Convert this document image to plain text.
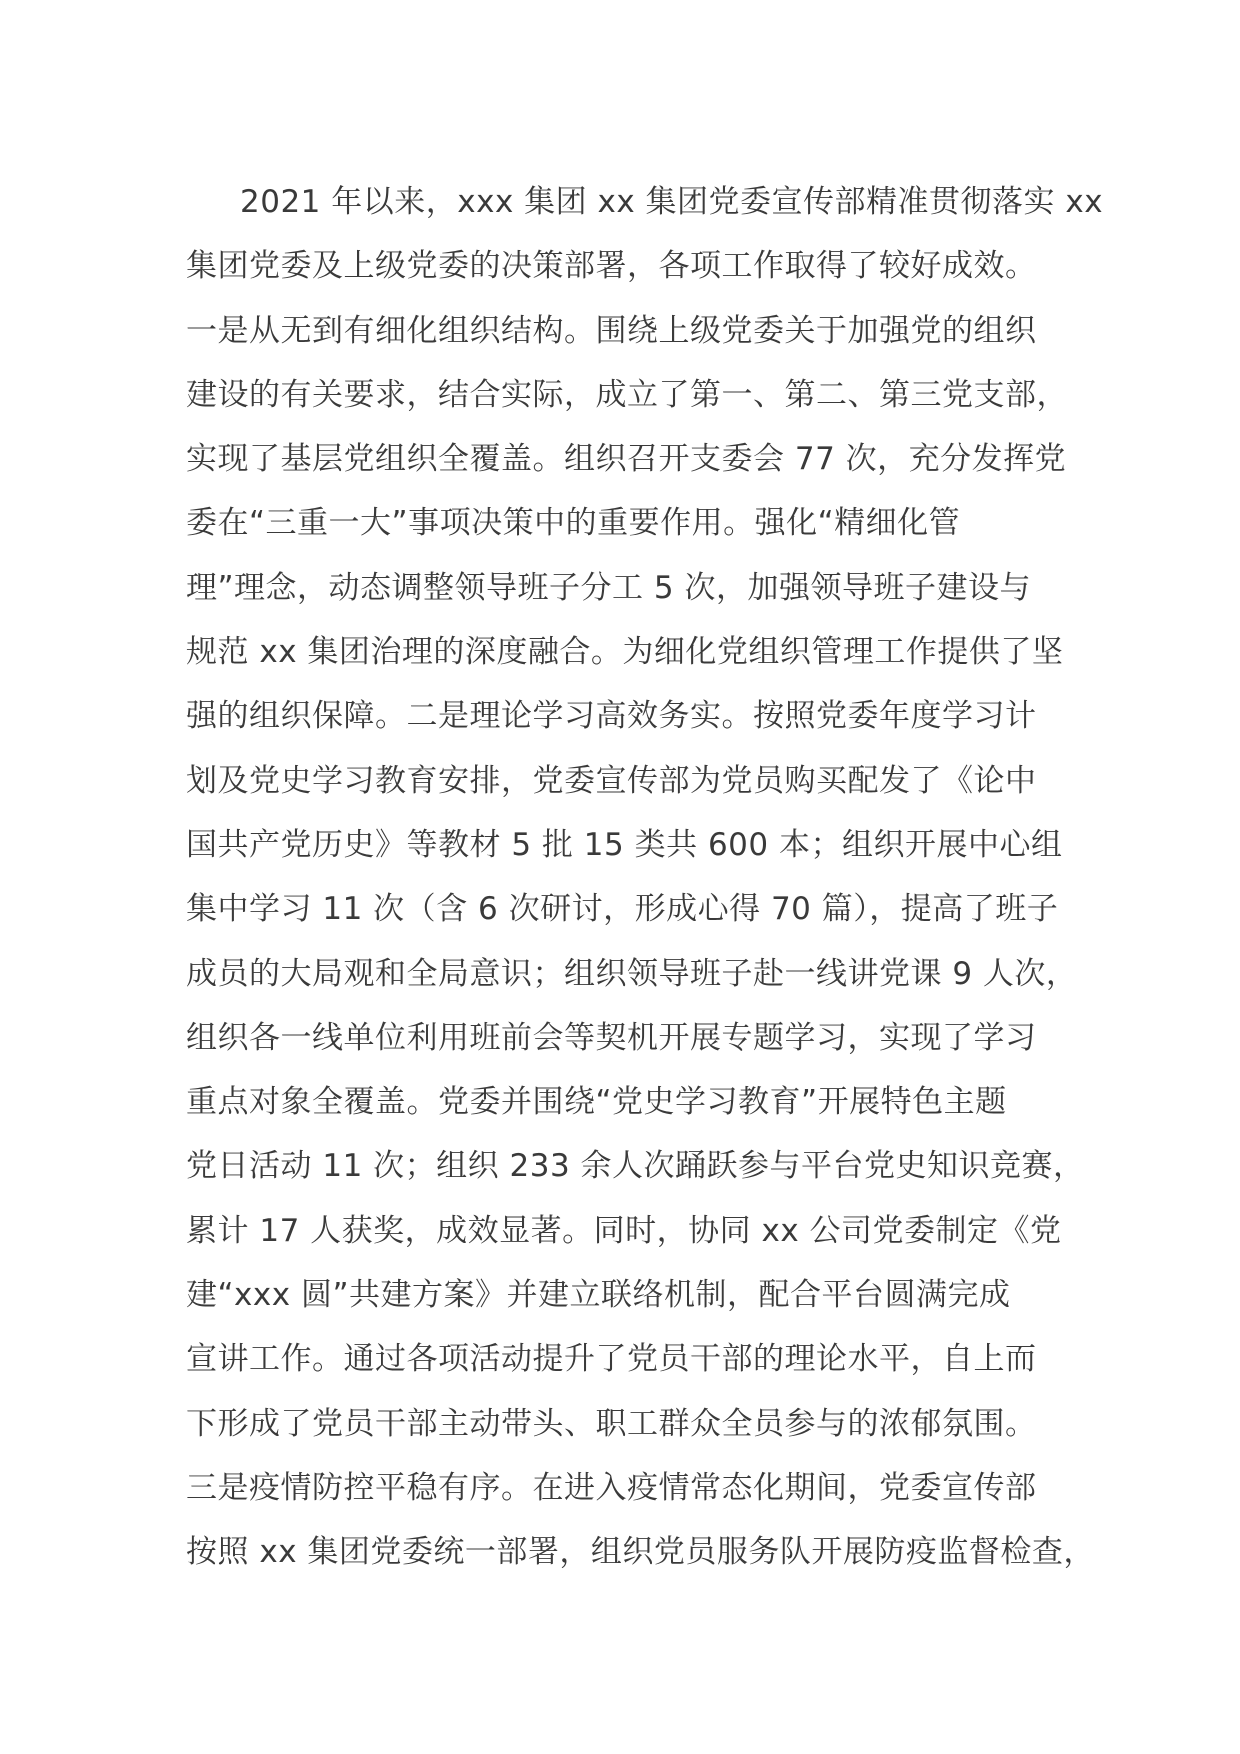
2021 年以来，xxx 集团 xx 集团党委宣传部精准贯彻落实 xx
集团党委及上级党委的决策部署，各项工作取得了较好成效。
一是从无到有细化组织结构。围绕上级党委关于加强党的组织
建设的有关要求，结合实际，成立了第一、第二、第三党支部，
实现了基层党组织全覆盖。组织召开支委会 77 次，充分发挥党
委在“三重一大”事项决策中的重要作用。强化“精细化管
理”理念，动态调整领导班子分工 5 次，加强领导班子建设与
规范 xx 集团治理的深度融合。为细化党组织管理工作提供了坚
强的组织保障。二是理论学习高效务实。按照党委年度学习计
划及党史学习教育安排，党委宣传部为党员购买配发了《论中
国共产党历史》等教材 5 批 15 类共 600 本；组织开展中心组
集中学习 11 次（含 6 次研讨，形成心得 70 篇），提高了班子
成员的大局观和全局意识；组织领导班子赴一线讲党课 9 人次，
组织各一线单位利用班前会等契机开展专题学习，实现了学习
重点对象全覆盖。党委并围绕“党史学习教育”开展特色主题
党日活动 11 次；组织 233 余人次踊跃参与平台党史知识竞赛，
累计 17 人获奖，成效显著。同时，协同 xx 公司党委制定《党
建“xxx 圆”共建方案》并建立联络机制，配合平台圆满完成
宣讲工作。通过各项活动提升了党员干部的理论水平，自上而
下形成了党员干部主动带头、职工群众全员参与的浓郁氛围。
三是疫情防控平稳有序。在进入疫情常态化期间，党委宣传部
按照 xx 集团党委统一部署，组织党员服务队开展防疫监督检查，
